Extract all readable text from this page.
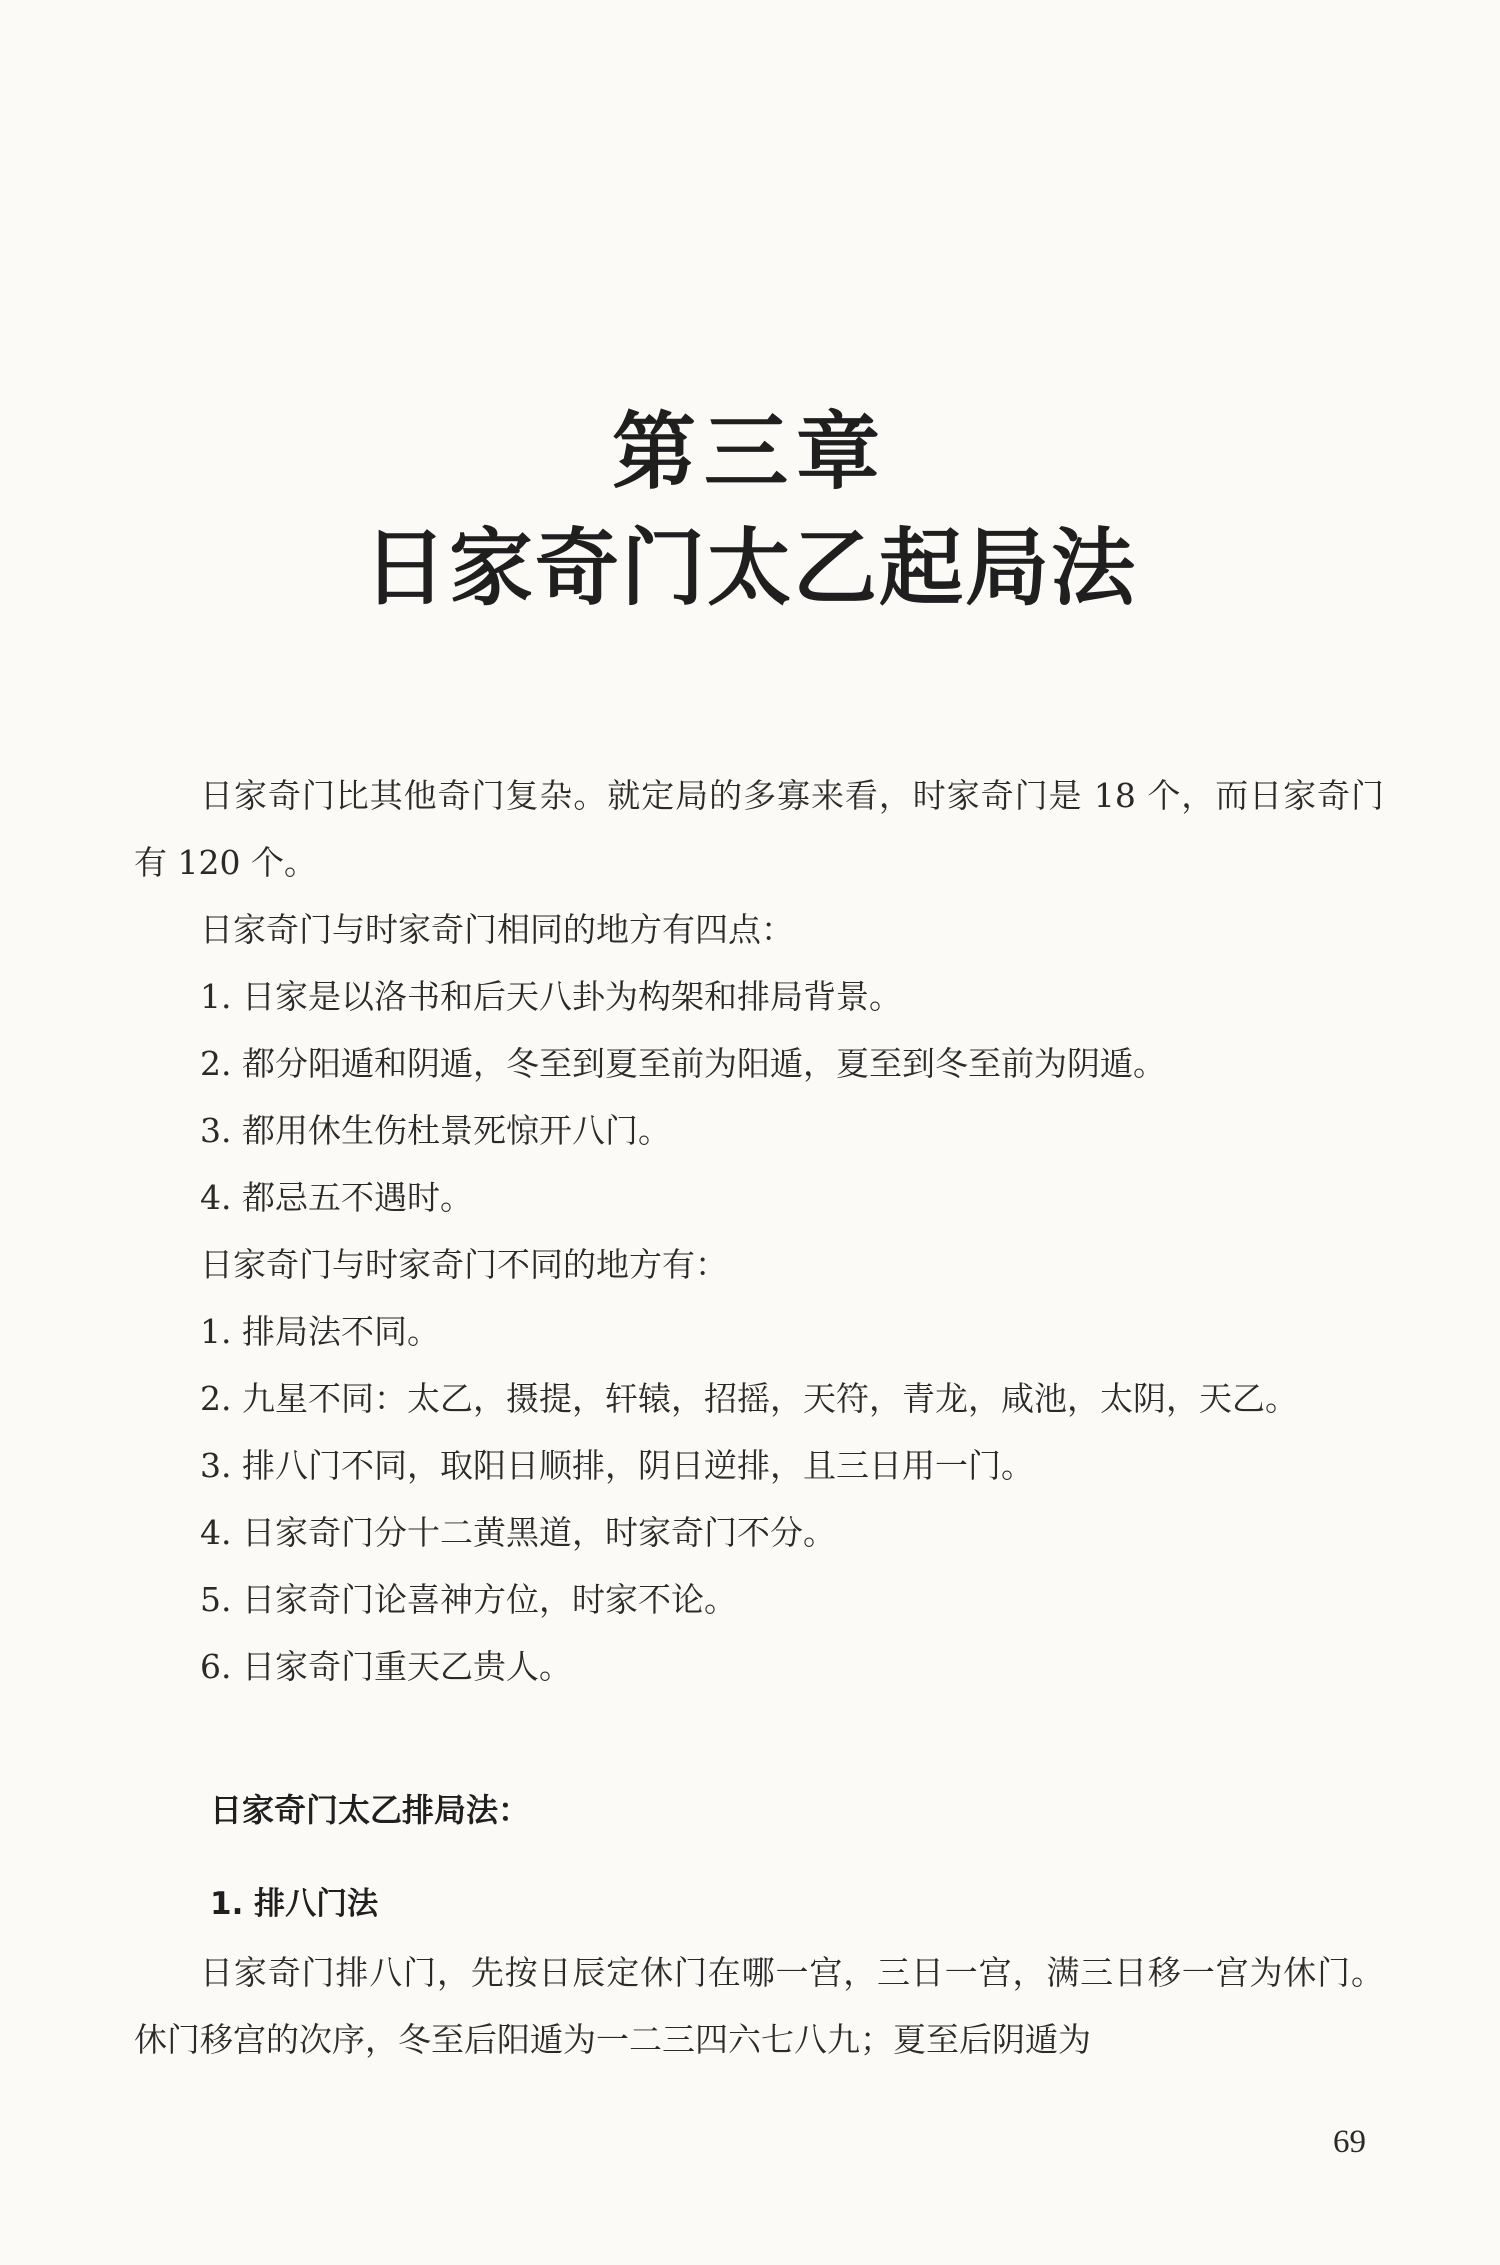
第三章
日家奇门太乙起局法

日家奇门比其他奇门复杂。就定局的多寡来看，时家奇门是 18 个，而日家奇门有 120 个。

日家奇门与时家奇门相同的地方有四点：

1. 日家是以洛书和后天八卦为构架和排局背景。

2. 都分阳遁和阴遁，冬至到夏至前为阳遁，夏至到冬至前为阴遁。

3. 都用休生伤杜景死惊开八门。

4. 都忌五不遇时。

日家奇门与时家奇门不同的地方有：

1. 排局法不同。

2. 九星不同：太乙，摄提，轩辕，招摇，天符，青龙，咸池，太阴，天乙。

3. 排八门不同，取阳日顺排，阴日逆排，且三日用一门。

4. 日家奇门分十二黄黑道，时家奇门不分。

5. 日家奇门论喜神方位，时家不论。

6. 日家奇门重天乙贵人。

日家奇门太乙排局法：
1. 排八门法

日家奇门排八门，先按日辰定休门在哪一宫，三日一宫，满三日移一宫为休门。休门移宫的次序，冬至后阳遁为一二三四六七八九；夏至后阴遁为

69
